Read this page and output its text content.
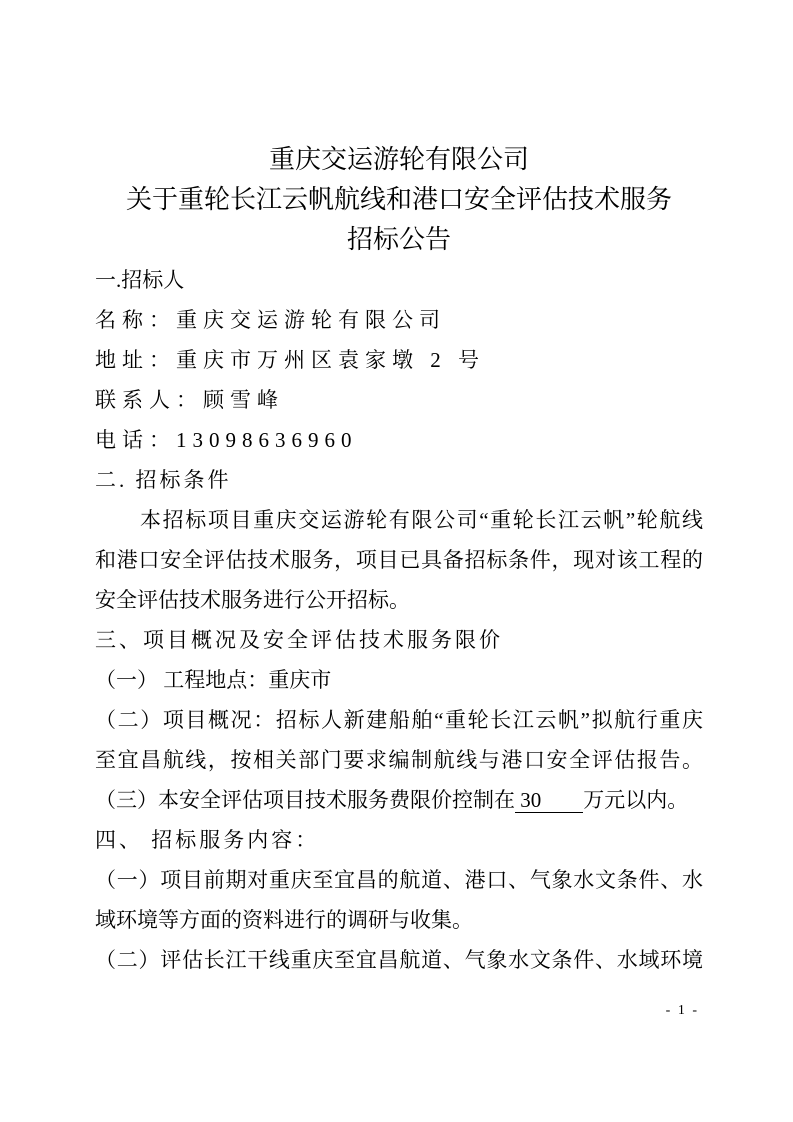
重庆交运游轮有限公司
关于重轮长江云帆航线和港口安全评估技术服务
招标公告
一.招标人
名称：重庆交运游轮有限公司
地址：重庆市万州区袁家墩 2 号
联系人：顾雪峰
电话：13098636960
二. 招标条件
本招标项目重庆交运游轮有限公司“重轮长江云帆”轮航线
和港口安全评估技术服务，项目已具备招标条件，现对该工程的
安全评估技术服务进行公开招标。
三、项目概况及安全评估技术服务限价
（一） 工程地点：重庆市
（二）项目概况：招标人新建船舶“重轮长江云帆”拟航行重庆
至宜昌航线，按相关部门要求编制航线与港口安全评估报告。
（三）本安全评估项目技术服务费限价控制在 30　　万元以内。
四、 招标服务内容：
（一）项目前期对重庆至宜昌的航道、港口、气象水文条件、水
域环境等方面的资料进行的调研与收集。
（二）评估长江干线重庆至宜昌航道、气象水文条件、水域环境
- 1 -
